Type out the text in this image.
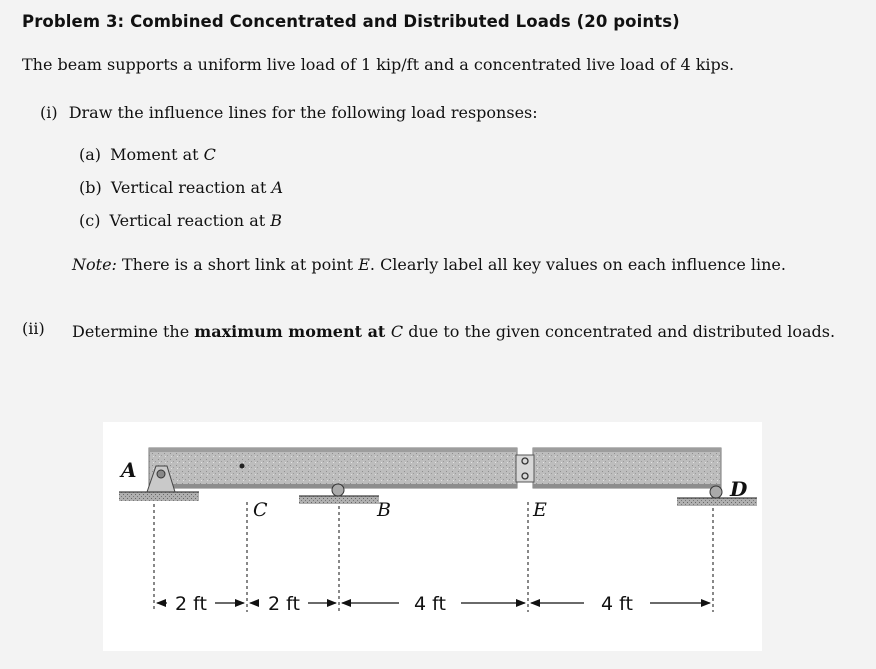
Problem 3: Combined Concentrated and Distributed Loads (20 points)
The beam supports a uniform live load of 1 kip/ft and a concentrated live load of 4 kips.
(i) Draw the influence lines for the following load responses:
(a) Moment at C
(b) Vertical reaction at A
(c) Vertical reaction at B
Note: There is a short link at point E. Clearly label all key values on each influence line.
(ii) Determine the maximum moment at C due to the given concentrated and distributed loads.
A
C	B	E
D
2 ft	2 ft	4 ft	4 ft
